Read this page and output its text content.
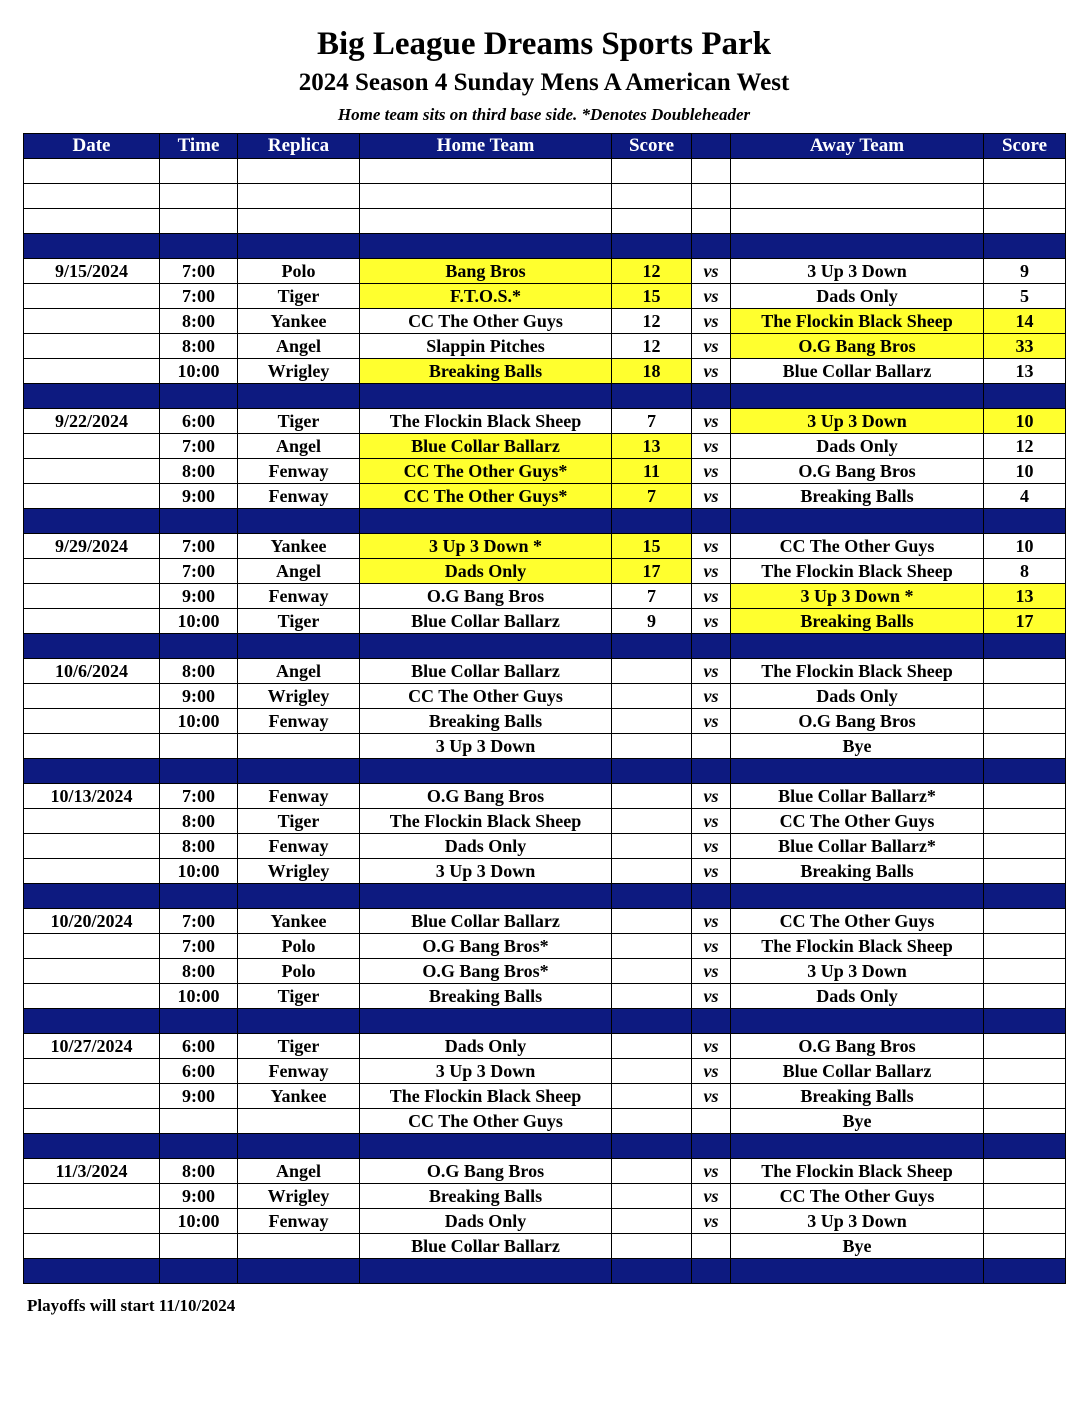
Big League Dreams Sports Park
2024 Season 4 Sunday Mens A American West
Home team sits on third base side. *Denotes Doubleheader
Date	Time	Replica	Home Team	Score		Away Team	Score

9/15/2024	7:00	Polo	Bang Bros	12	vs	3 Up 3 Down	9
	7:00	Tiger	F.T.O.S.*	15	vs	Dads Only	5
	8:00	Yankee	CC The Other Guys	12	vs	The Flockin Black Sheep	14
	8:00	Angel	Slappin Pitches	12	vs	O.G Bang Bros	33
	10:00	Wrigley	Breaking Balls	18	vs	Blue Collar Ballarz	13

9/22/2024	6:00	Tiger	The Flockin Black Sheep	7	vs	3 Up 3 Down	10
	7:00	Angel	Blue Collar Ballarz	13	vs	Dads Only	12
	8:00	Fenway	CC The Other Guys*	11	vs	O.G Bang Bros	10
	9:00	Fenway	CC The Other Guys*	7	vs	Breaking Balls	4

9/29/2024	7:00	Yankee	3 Up 3 Down *	15	vs	CC The Other Guys	10
	7:00	Angel	Dads Only	17	vs	The Flockin Black Sheep	8
	9:00	Fenway	O.G Bang Bros	7	vs	3 Up 3 Down *	13
	10:00	Tiger	Blue Collar Ballarz	9	vs	Breaking Balls	17

10/6/2024	8:00	Angel	Blue Collar Ballarz		vs	The Flockin Black Sheep	
	9:00	Wrigley	CC The Other Guys		vs	Dads Only	
	10:00	Fenway	Breaking Balls		vs	O.G Bang Bros	
			3 Up 3 Down			Bye	

10/13/2024	7:00	Fenway	O.G Bang Bros		vs	Blue Collar Ballarz*	
	8:00	Tiger	The Flockin Black Sheep		vs	CC The Other Guys	
	8:00	Fenway	Dads Only		vs	Blue Collar Ballarz*	
	10:00	Wrigley	3 Up 3 Down		vs	Breaking Balls	

10/20/2024	7:00	Yankee	Blue Collar Ballarz		vs	CC The Other Guys	
	7:00	Polo	O.G Bang Bros*		vs	The Flockin Black Sheep	
	8:00	Polo	O.G Bang Bros*		vs	3 Up 3 Down	
	10:00	Tiger	Breaking Balls		vs	Dads Only	

10/27/2024	6:00	Tiger	Dads Only		vs	O.G Bang Bros	
	6:00	Fenway	3 Up 3 Down		vs	Blue Collar Ballarz	
	9:00	Yankee	The Flockin Black Sheep		vs	Breaking Balls	
			CC The Other Guys			Bye	

11/3/2024	8:00	Angel	O.G Bang Bros		vs	The Flockin Black Sheep	
	9:00	Wrigley	Breaking Balls		vs	CC The Other Guys	
	10:00	Fenway	Dads Only		vs	3 Up 3 Down	
			Blue Collar Ballarz			Bye	

Playoffs will start 11/10/2024
